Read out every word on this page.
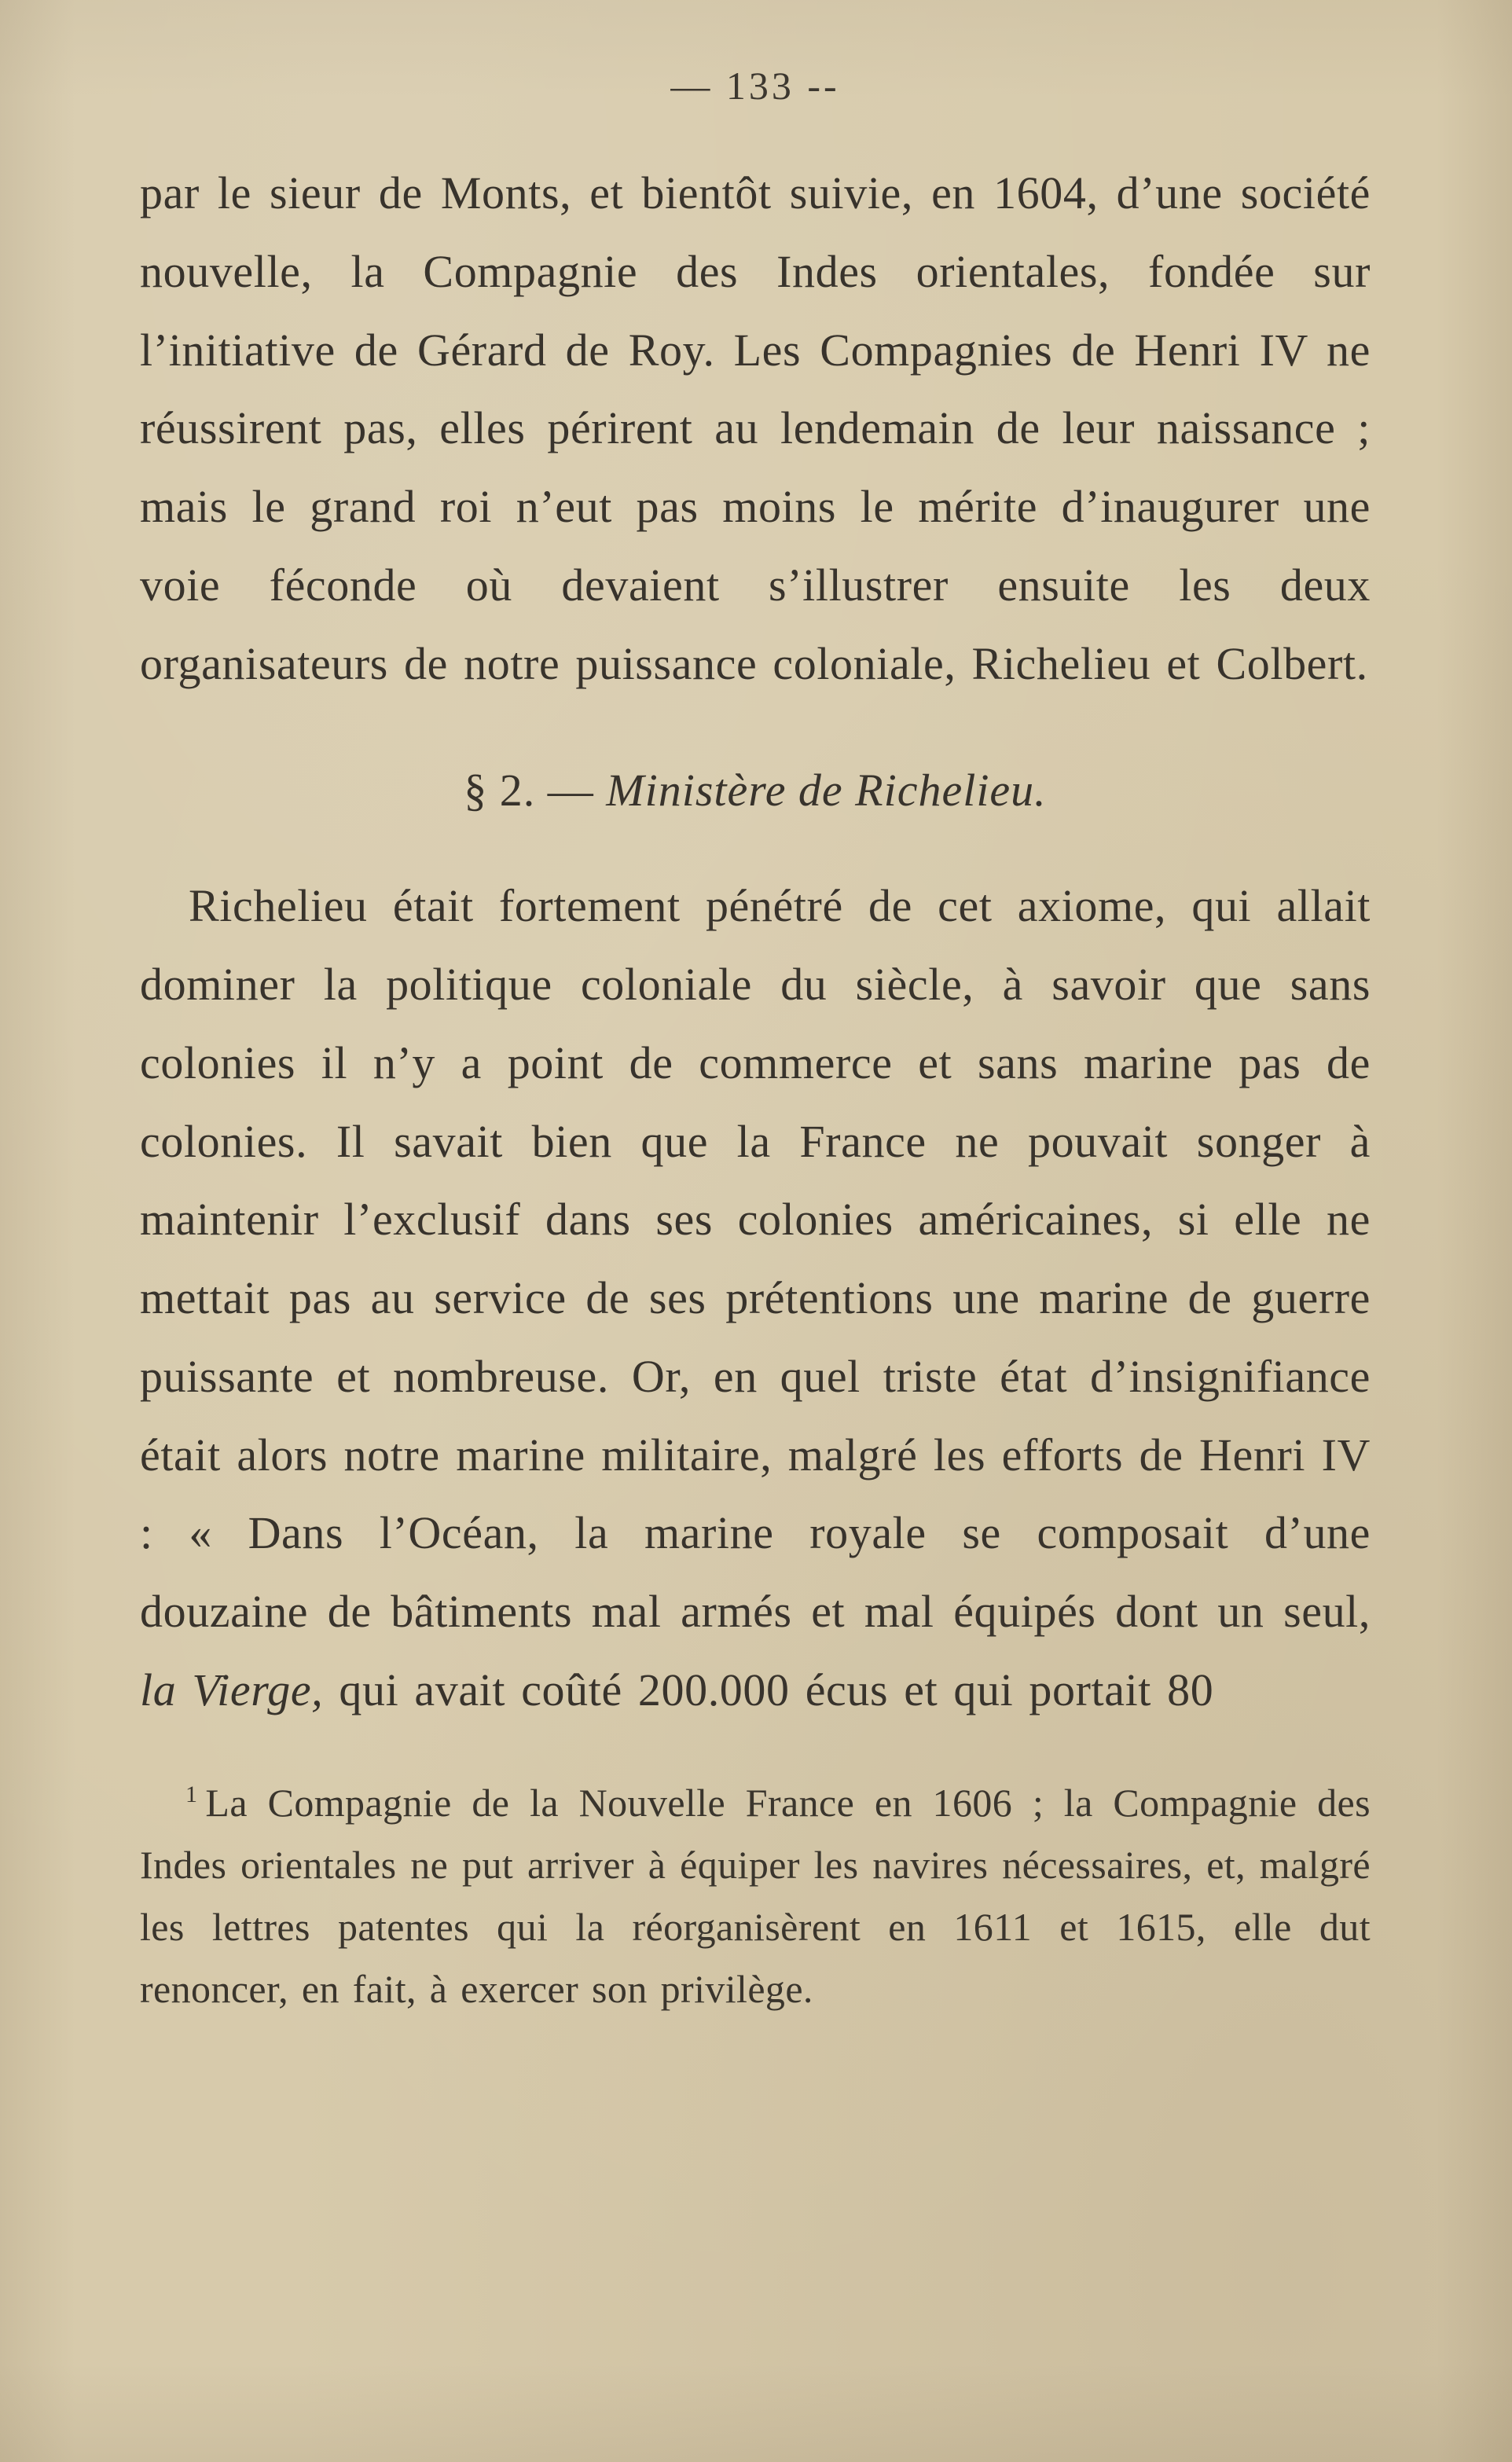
— 133 --

par le sieur de Monts, et bientôt suivie, en 1604, d’une société nouvelle, la Compagnie des Indes orientales, fondée sur l’initiative de Gérard de Roy. Les Compagnies de Henri IV ne réussirent pas, elles périrent au lendemain de leur naissance ; mais le grand roi n’eut pas moins le mérite d’inaugurer une voie féconde où devaient s’illustrer ensuite les deux organisateurs de notre puissance coloniale, Richelieu et Colbert.

§ 2. — Ministère de Richelieu.

Richelieu était fortement pénétré de cet axiome, qui allait dominer la politique coloniale du siècle, à savoir que sans colonies il n’y a point de commerce et sans marine pas de colonies. Il savait bien que la France ne pouvait songer à maintenir l’exclusif dans ses colonies américaines, si elle ne mettait pas au service de ses prétentions une marine de guerre puissante et nombreuse. Or, en quel triste état d’insignifiance était alors notre marine militaire, malgré les efforts de Henri IV : « Dans l’Océan, la marine royale se composait d’une douzaine de bâtiments mal armés et mal équipés dont un seul, la Vierge, qui avait coûté 200.000 écus et qui portait 80

$^1$ La Compagnie de la Nouvelle France en 1606 ; la Compagnie des Indes orientales ne put arriver à équiper les navires nécessaires, et, malgré les lettres patentes qui la réorganisèrent en 1611 et 1615, elle dut renoncer, en fait, à exercer son privilège.
